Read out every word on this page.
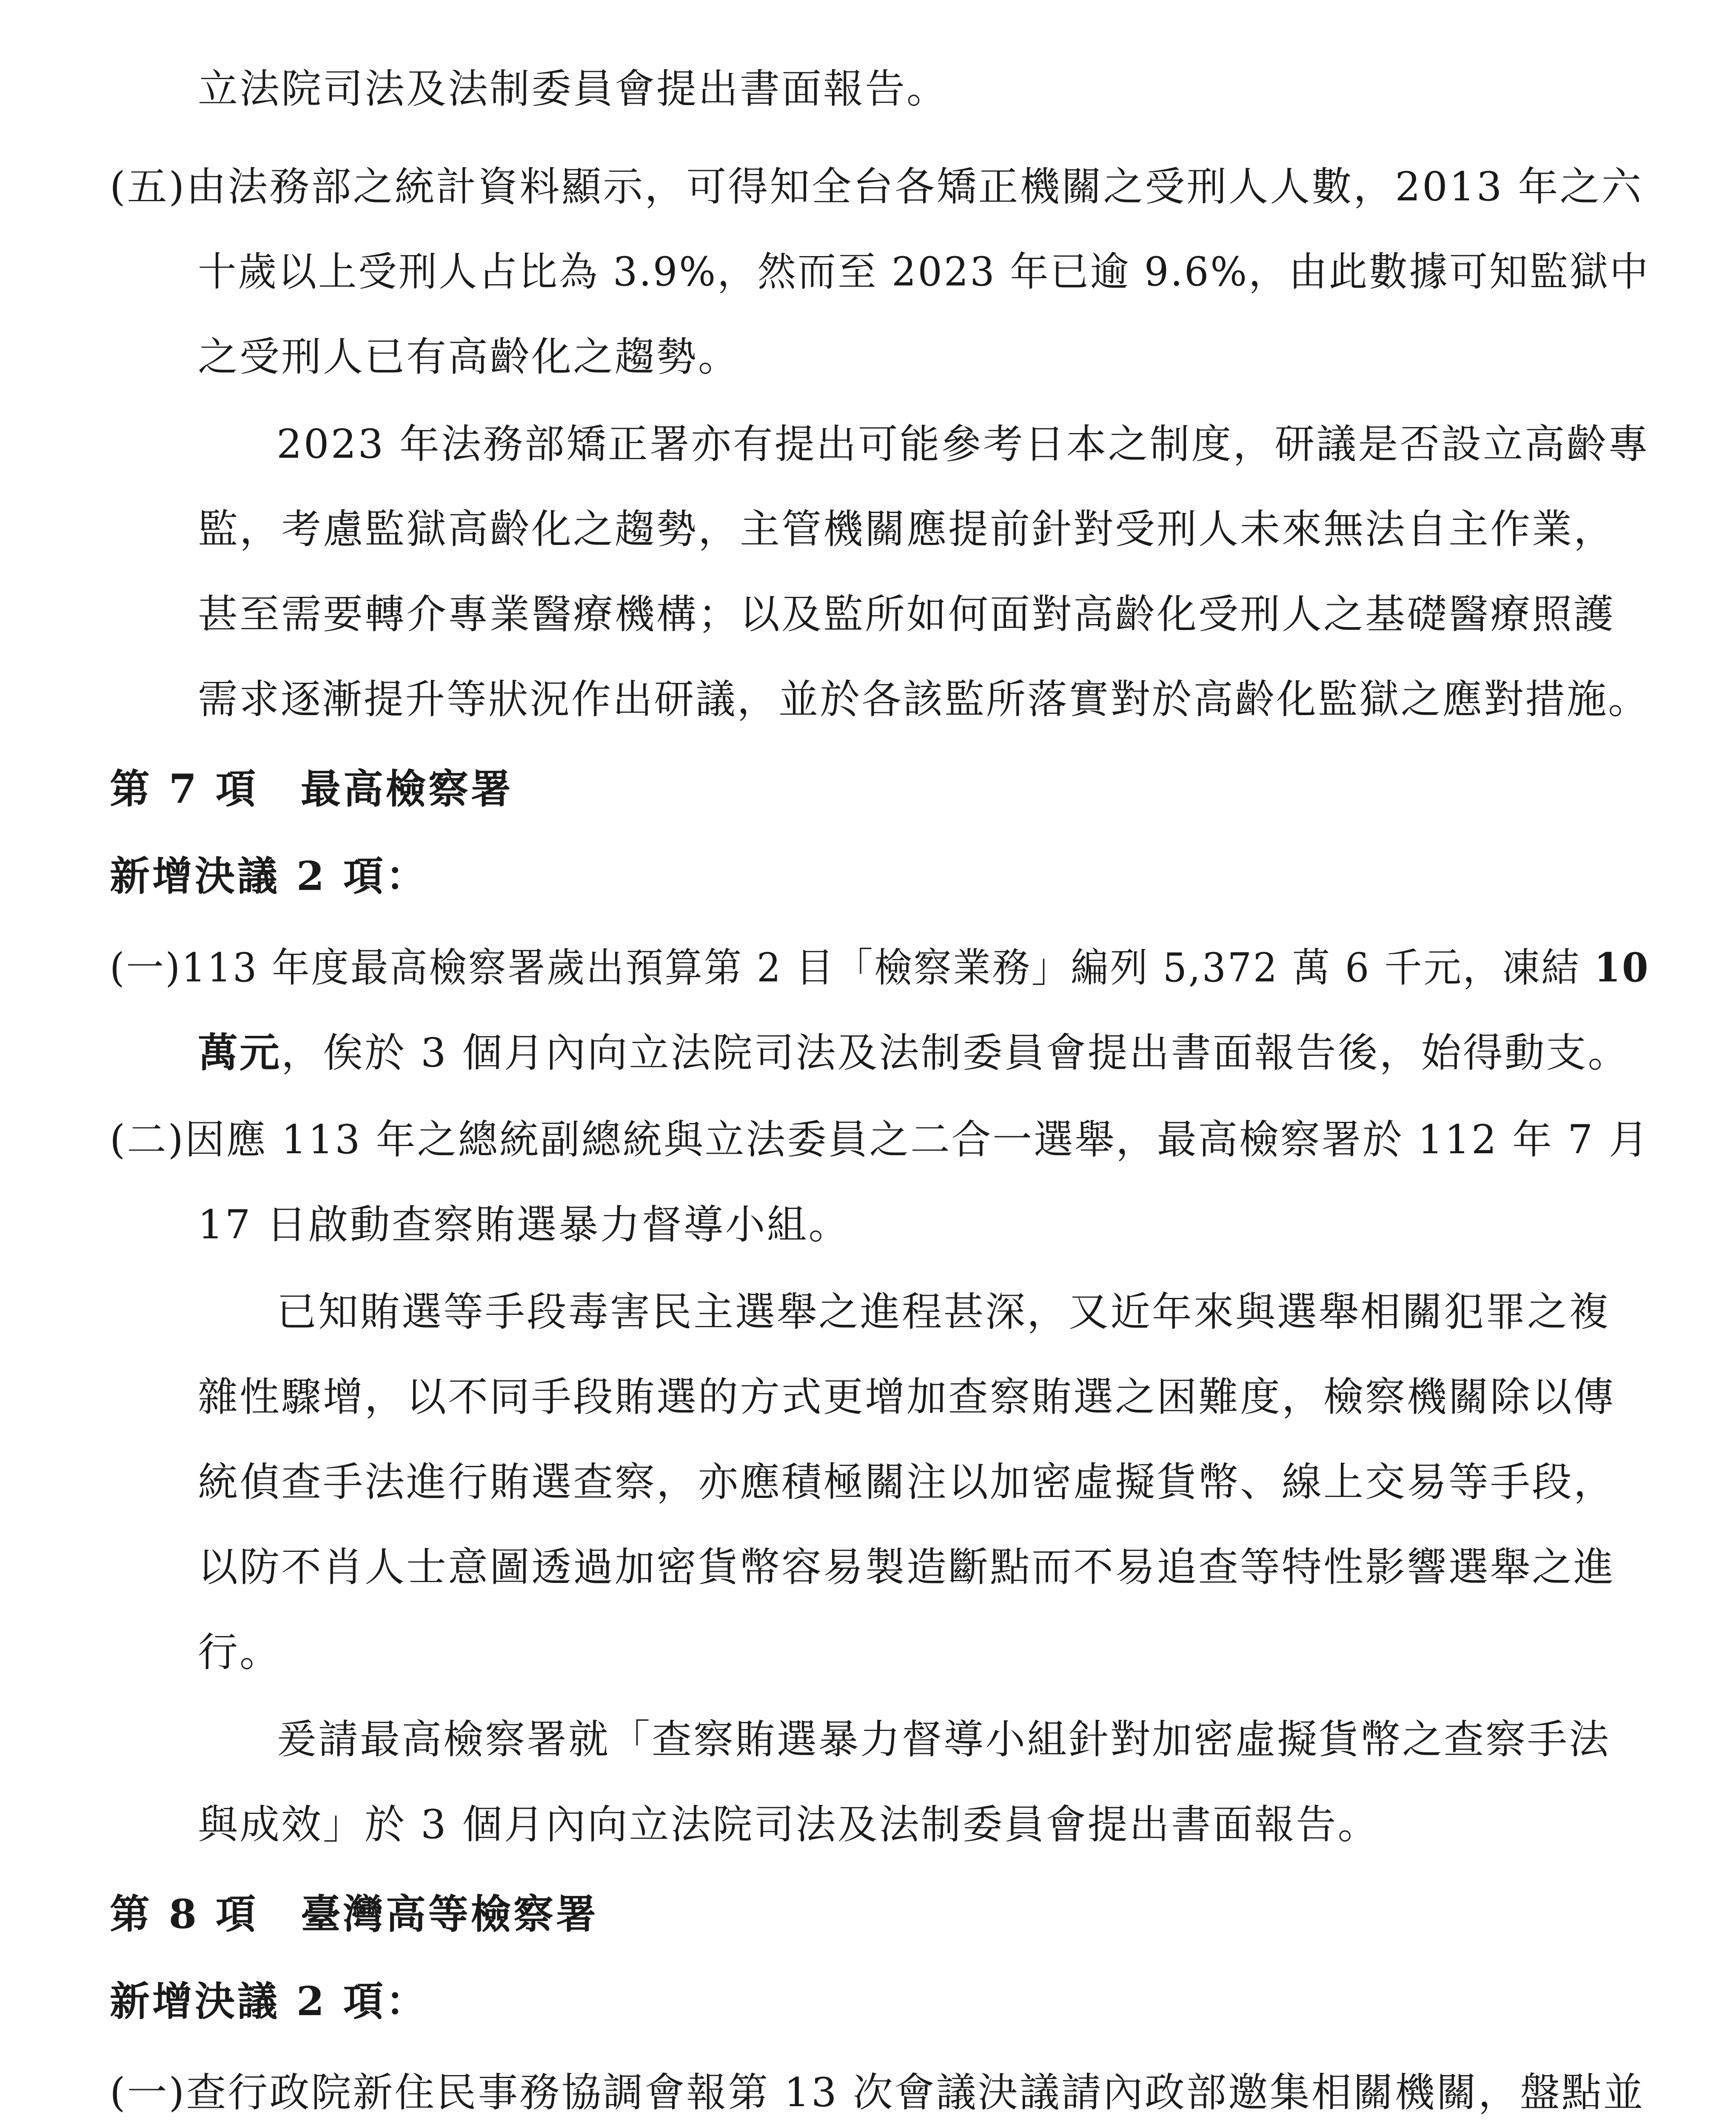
立法院司法及法制委員會提出書面報告。

(五)由法務部之統計資料顯示，可得知全台各矯正機關之受刑人人數，2013 年之六

十歲以上受刑人占比為 3.9%，然而至 2023 年已逾 9.6%，由此數據可知監獄中

之受刑人已有高齡化之趨勢。

2023 年法務部矯正署亦有提出可能參考日本之制度，研議是否設立高齡專

監，考慮監獄高齡化之趨勢，主管機關應提前針對受刑人未來無法自主作業，

甚至需要轉介專業醫療機構；以及監所如何面對高齡化受刑人之基礎醫療照護

需求逐漸提升等狀況作出研議，並於各該監所落實對於高齡化監獄之應對措施。

第 7 項　最高檢察署

新增決議 2 項：

(一)113 年度最高檢察署歲出預算第 2 目「檢察業務」編列 5,372 萬 6 千元，凍結 10

萬元，俟於 3 個月內向立法院司法及法制委員會提出書面報告後，始得動支。

(二)因應 113 年之總統副總統與立法委員之二合一選舉，最高檢察署於 112 年 7 月

17 日啟動查察賄選暴力督導小組。

已知賄選等手段毒害民主選舉之進程甚深，又近年來與選舉相關犯罪之複

雜性驟增，以不同手段賄選的方式更增加查察賄選之困難度，檢察機關除以傳

統偵查手法進行賄選查察，亦應積極關注以加密虛擬貨幣、線上交易等手段，

以防不肖人士意圖透過加密貨幣容易製造斷點而不易追查等特性影響選舉之進

行。

爰請最高檢察署就「查察賄選暴力督導小組針對加密虛擬貨幣之查察手法

與成效」於 3 個月內向立法院司法及法制委員會提出書面報告。

第 8 項　臺灣高等檢察署

新增決議 2 項：

(一)查行政院新住民事務協調會報第 13 次會議決議請內政部邀集相關機關，盤點並
